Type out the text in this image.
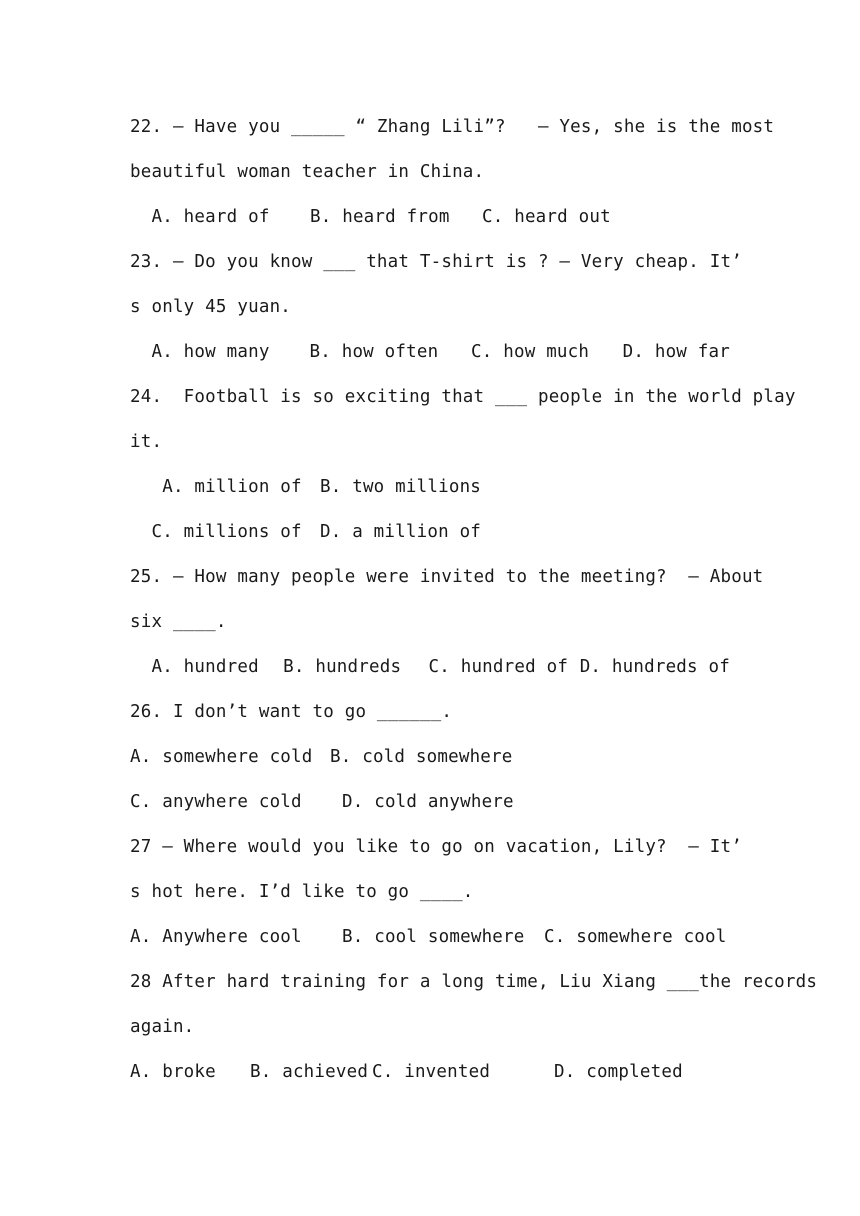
22. — Have you _____ “ Zhang Lili”?   — Yes, she is the most
beautiful woman teacher in China.
A. heard of	B. heard from	C. heard out
23. — Do you know ___ that T-shirt is ? — Very cheap. It’
s only 45 yuan.
A. how many	B. how often	C. how much	D. how far
24.  Football is so exciting that ___ people in the world play
it.
A. million of	B. two millions
C. millions of	D. a million of
25. — How many people were invited to the meeting?  — About
six ____.
A. hundred	B. hundreds	C. hundred of D. hundreds of
26. I don’t want to go ______.
A. somewhere cold B. cold somewhere
C. anywhere cold	D. cold anywhere
27 — Where would you like to go on vacation, Lily?  — It’
s hot here. I’d like to go ____.
A. Anywhere cool	B. cool somewhere	C. somewhere cool
28 After hard training for a long time, Liu Xiang ___the records
again.
A. broke	B. achieved C. invented	D. completed
